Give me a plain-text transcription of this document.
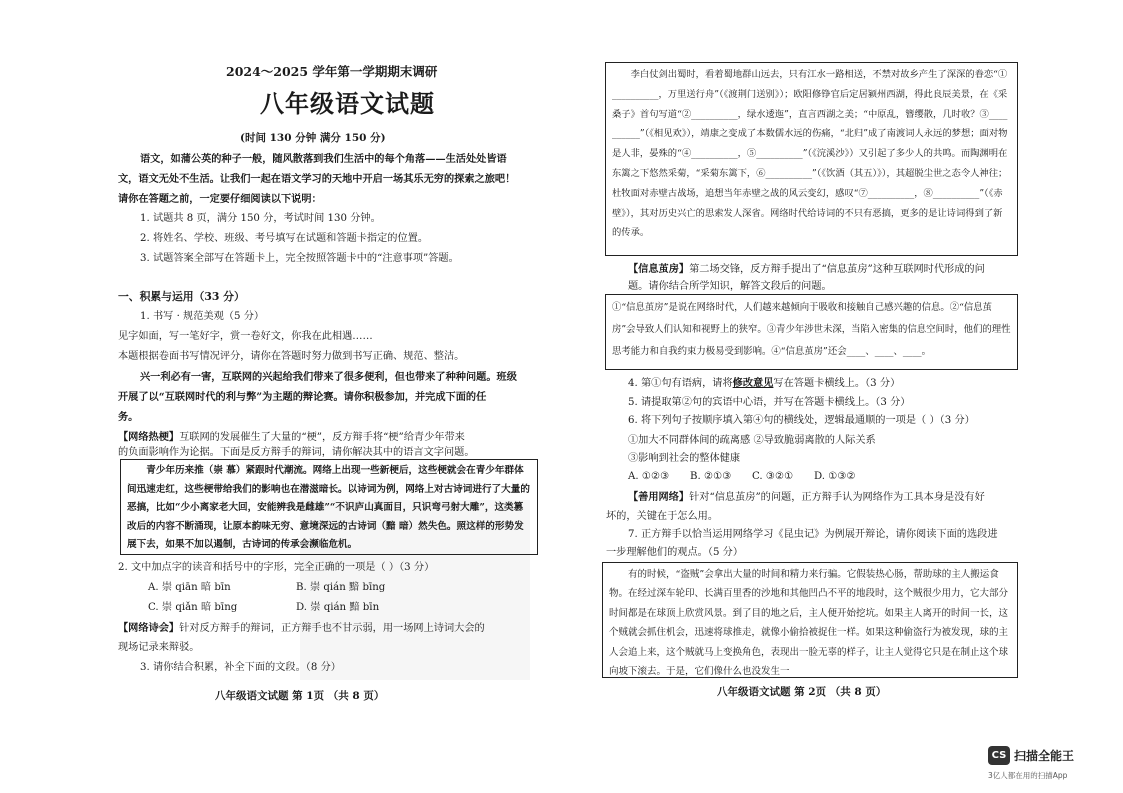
2024～2025 学年第一学期期末调研
八年级语文试题
(时间 130 分钟 满分 150 分)
语文，如蒲公英的种子一般，随风散落到我们生活中的每个角落——生活处处皆语
文，语文无处不生活。让我们一起在语文学习的天地中开启一场其乐无穷的探索之旅吧！
请你在答题之前，一定要仔细阅读以下说明：
1. 试题共 8 页，满分 150 分，考试时间 130 分钟。
2. 将姓名、学校、班级、考号填写在试题和答题卡指定的位置。
3. 试题答案全部写在答题卡上，完全按照答题卡中的“注意事项”答题。
一、积累与运用（33 分）
1. 书写 · 规范美观（5 分）
见字如面，写一笔好字，赏一卷好文，你我在此相遇……
本题根据卷面书写情况评分，请你在答题时努力做到书写正确、规范、整洁。
兴一利必有一害，互联网的兴起给我们带来了很多便利，但也带来了种种问题。班级
开展了以“互联网时代的利与弊”为主题的辩论赛。请你积极参加，并完成下面的任
务。
【网络热梗】互联网的发展催生了大量的“梗”，反方辩手将“梗”给青少年带来
的负面影响作为论据。下面是反方辩手的辩词，请你解决其中的语言文字问题。
青少年历来推（崇 慕）紧跟时代潮流。网络上出现一些新梗后，这些梗就会在青少年群体间迅速走红，这些梗带给我们的影响也在潜滋暗长。以诗词为例，网络上对古诗词进行了大量的恶搞，比如“少小离家老大回，安能辨我是雌雄”“不识庐山真面目，只识弯弓射大雕”，这类篡改后的内容不断涌现，让原本韵味无穷、意境深远的古诗词（黯 暗）然失色。照这样的形势发展下去，如果不加以遏制，古诗词的传承会濒临危机。
2. 文中加点字的读音和括号中的字形，完全正确的一项是（ ）（3 分）
A. 崇 qiān 暗 bīn	B. 崇 qián 黯 bīng
C. 崇 qiǎn 暗 bīng	D. 崇 qián 黯 bīn
【网络诗会】针对反方辩手的辩词，正方辩手也不甘示弱，用一场网上诗词大会的
现场记录来辩驳。
3. 请你结合积累，补全下面的文段。（8 分）
八年级语文试题 第 1页 （共 8 页）
李白仗剑出蜀时，看着蜀地群山远去，只有江水一路相送，不禁对故乡产生了深深的眷恋“①__________，万里送行舟”（《渡荆门送别》）；欧阳修铮官后定居颍州西湖，得此良辰美景，在《采桑子》首句写道“②__________，绿水逶迤”，直言西湖之美；“中原乱，簪缨散，几时收？③__________”（《相见欢》），靖康之变成了本数儒水远的伤痛，“北归”成了南渡词人永远的梦想；面对物是人非，晏殊的“④__________，⑤__________”（《浣溪沙》）又引起了多少人的共鸣。而陶渊明在东篱之下悠然采菊，“采菊东篱下，⑥__________”（《饮酒（其五）》），其超脱尘世之态令人神往；杜牧面对赤壁古战场，追想当年赤壁之战的风云变幻，感叹“⑦__________，⑧__________”（《赤壁》），其对历史兴亡的思索发人深省。网络时代给诗词的不只有恶搞，更多的是让诗词得到了新的传承。
【信息茧房】第二场交锋，反方辩手提出了“信息茧房”这种互联网时代形成的问
题。请你结合所学知识，解答文段后的问题。
①“信息茧房”是说在网络时代，人们越来越倾向于吸收和接触自己感兴趣的信息。②“信息茧房”会导致人们认知和视野上的狭窄。③青少年涉世未深，当陷入密集的信息空间时，他们的理性思考能力和自我约束力极易受到影响。④“信息茧房”还会____、____、____。
4. 第①句有语病，请将修改意见写在答题卡横线上。（3 分）
5. 请提取第②句的宾语中心语，并写在答题卡横线上。（3 分）
6. 将下列句子按顺序填入第④句的横线处，逻辑最通顺的一项是（ ）（3 分）
①加大不同群体间的疏离感 ②导致脆弱离散的人际关系
③影响到社会的整体健康
A. ①②③ B. ②①③ C. ③②① D. ①③②
【善用网络】针对“信息茧房”的问题，正方辩手认为网络作为工具本身是没有好
坏的，关键在于怎么用。
7. 正方辩手以恰当运用网络学习《昆虫记》为例展开辩论，请你阅读下面的选段进
一步理解他们的观点。（5 分）
有的时候，“盗贼”会拿出大量的时间和精力来行骗。它假装热心肠，帮助球的主人搬运食物。在经过深车轮印、长满百里香的沙地和其他凹凸不平的地段时，这个贼很少用力，它大部分时间都是在球顶上欣赏风景。到了目的地之后，主人便开始挖坑。如果主人离开的时间一长，这个贼就会抓住机会，迅速将球推走，就像小偷拾被捉住一样。如果这种偷盗行为被发现，球的主人会追上来，这个贼就马上变换角色，表现出一脸无辜的样子，让主人觉得它只是在制止这个球向坡下滚去。于是，它们像什么也没发生一
八年级语文试题 第 2页 （共 8 页）
CS 扫描全能王
3亿人都在用的扫描App
